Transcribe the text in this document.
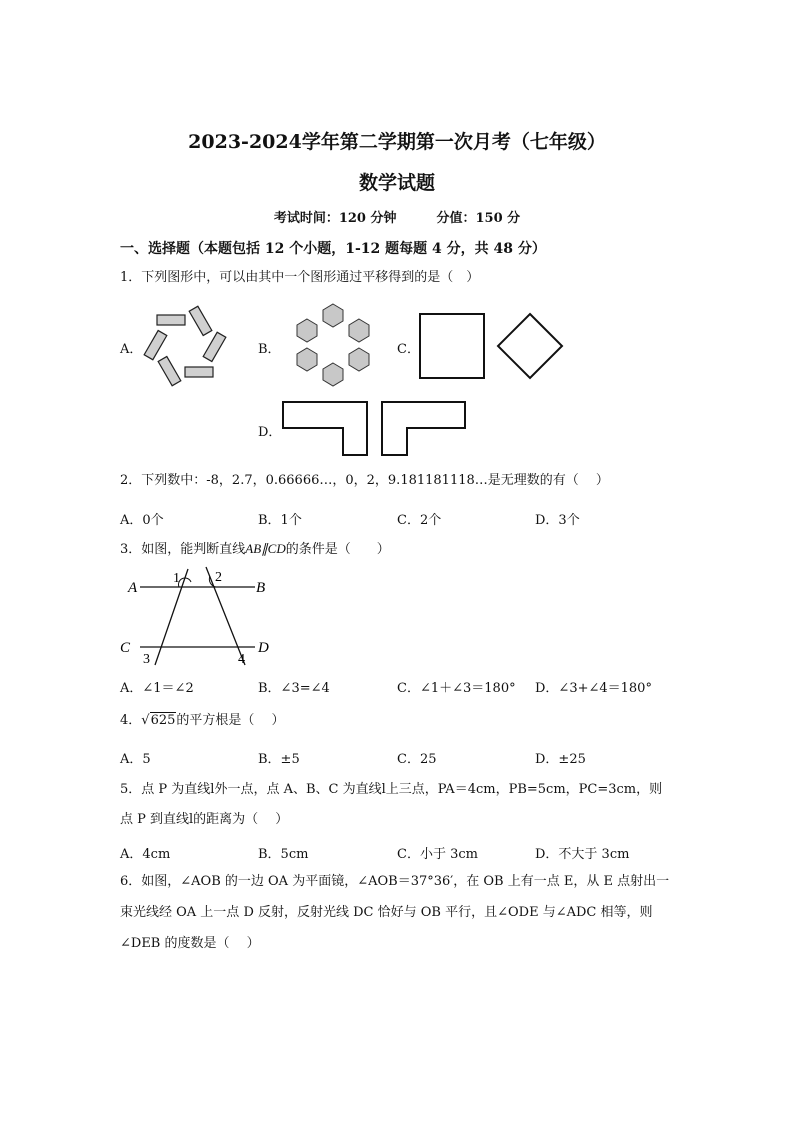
2023-2024学年第二学期第一次月考（七年级）
数学试题
考试时间：120 分钟	分值：150 分
一、选择题（本题包括 12 个小题，1-12 题每题 4 分，共 48 分）
1．下列图形中，可以由其中一个图形通过平移得到的是（　）
A．	B．	C．
D．
2．下列数中：-8，2.7，0.66666…，0，2，9.181181118…是无理数的有（　 ）
A．0个	B．1个	C．2个	D．3个
3．如图，能判断直线AB∥CD的条件是（　　）
A	B
C	D
1	2
3	4
A．∠1＝∠2	B．∠3=∠4	C．∠1＋∠3＝180° D．∠3+∠4＝180°
4．√625的平方根是（　 ）
A．5	B．±5	C．25	D．±25
5．点 P 为直线l外一点，点 A、B、C 为直线l上三点，PA＝4cm，PB=5cm，PC=3cm，则
点 P 到直线l的距离为（　 ）
A．4cm	B．5cm	C．小于 3cm	D．不大于 3cm
6．如图，∠AOB 的一边 OA 为平面镜，∠AOB＝37°36′，在 OB 上有一点 E，从 E 点射出一
束光线经 OA 上一点 D 反射，反射光线 DC 恰好与 OB 平行，且∠ODE 与∠ADC 相等，则
∠DEB 的度数是（　 ）
